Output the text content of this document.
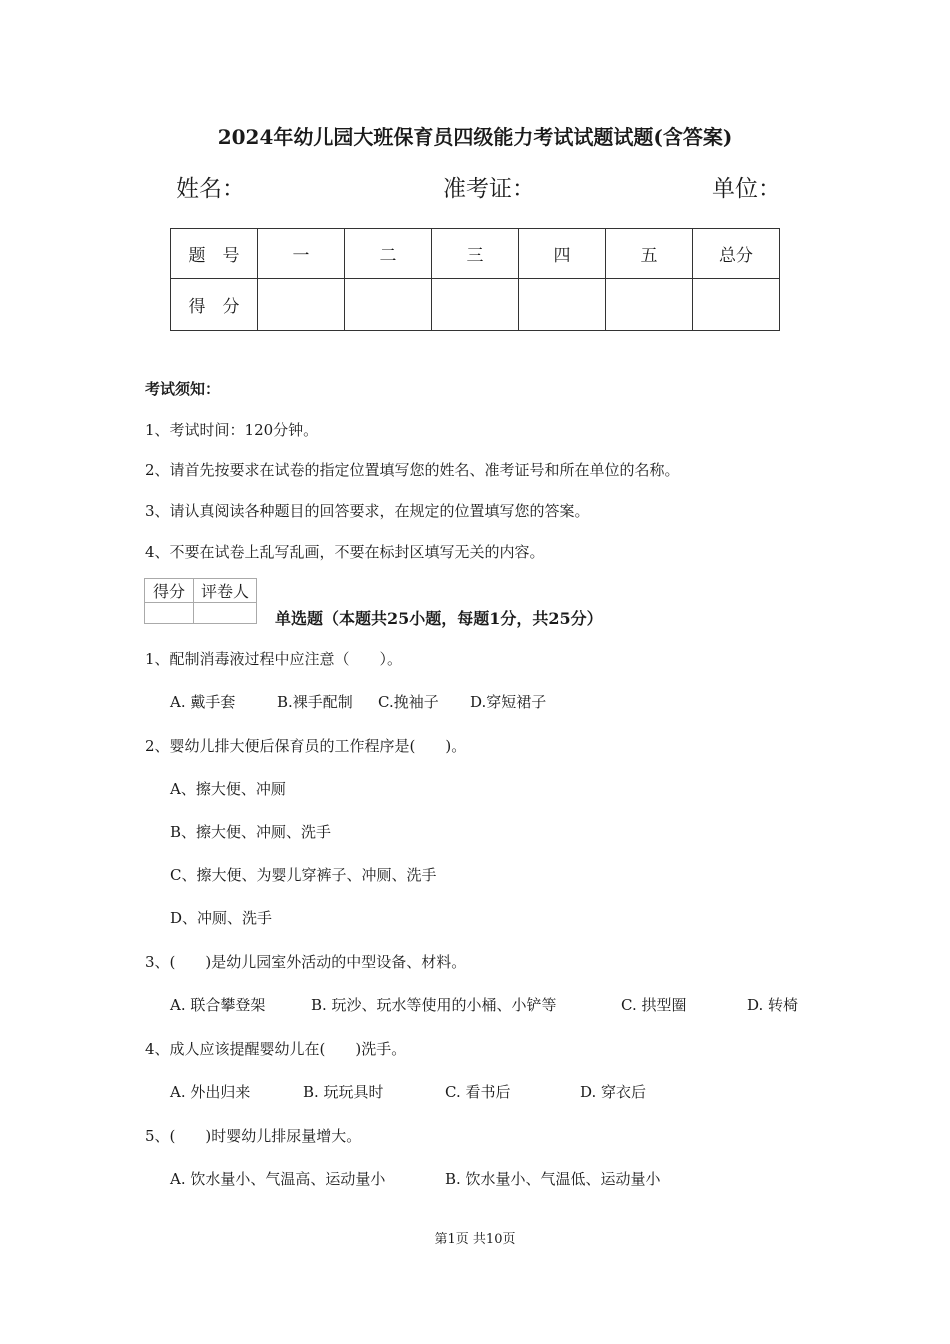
2024年幼儿园大班保育员四级能力考试试题试题(含答案)
姓名：	准考证：	单位：
题　号	一	二	三	四	五	总分
得　分						
考试须知：
1、考试时间：120分钟。
2、请首先按要求在试卷的指定位置填写您的姓名、准考证号和所在单位的名称。
3、请认真阅读各种题目的回答要求，在规定的位置填写您的答案。
4、不要在试卷上乱写乱画，不要在标封区填写无关的内容。
得分	评卷人

单选题（本题共25小题，每题1分，共25分）
1、配制消毒液过程中应注意（　　）。
A. 戴手套	B.裸手配制 C.挽袖子 D.穿短裙子
2、婴幼儿排大便后保育员的工作程序是(　　)。
A、擦大便、冲厕
B、擦大便、冲厕、洗手
C、擦大便、为婴儿穿裤子、冲厕、洗手
D、冲厕、洗手
3、(　　)是幼儿园室外活动的中型设备、材料。
A. 联合攀登架	B. 玩沙、玩水等使用的小桶、小铲等	C. 拱型圈	D. 转椅
4、成人应该提醒婴幼儿在(　　)洗手。
A. 外出归来	B. 玩玩具时	C. 看书后	D. 穿衣后
5、(　　)时婴幼儿排尿量增大。
A. 饮水量小、气温高、运动量小	B. 饮水量小、气温低、运动量小
第1页 共10页
